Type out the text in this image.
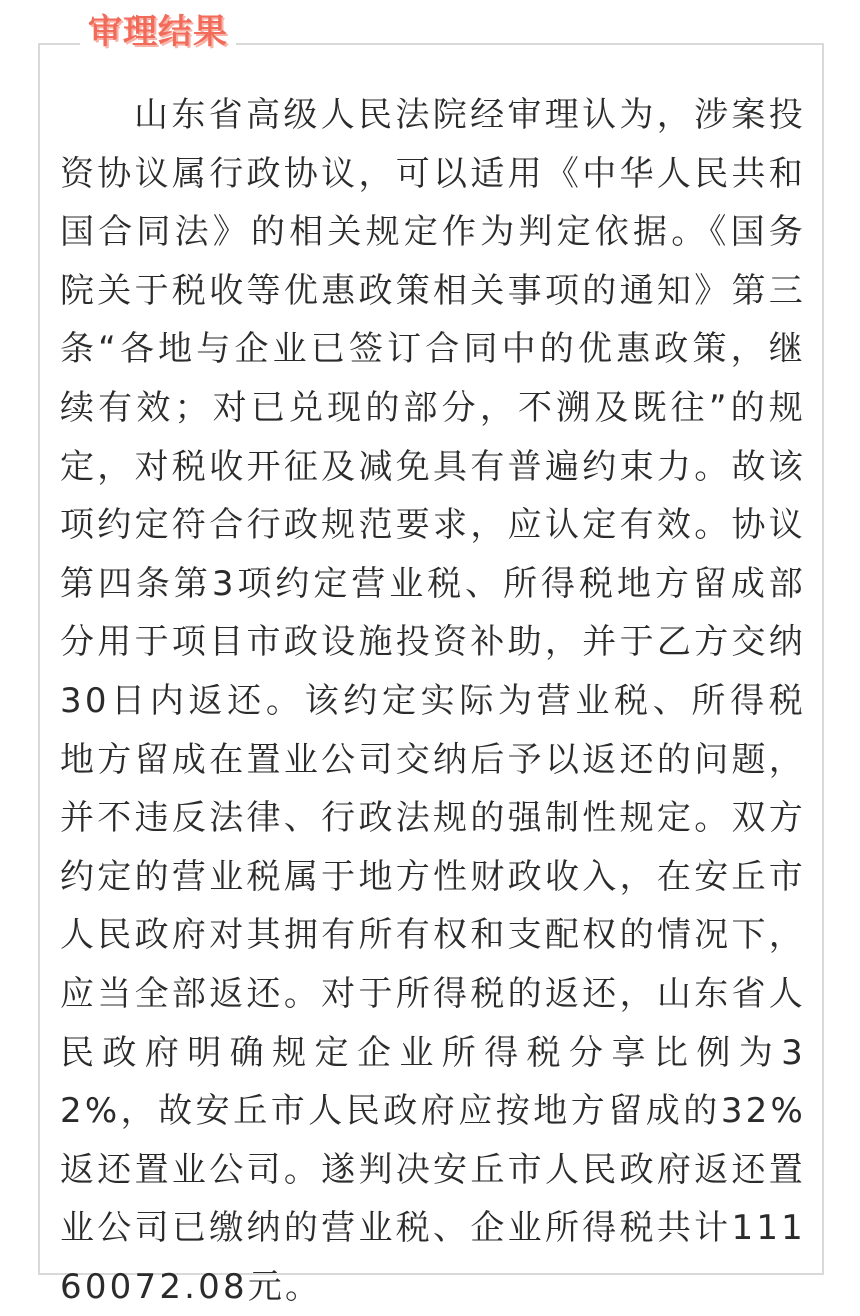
审理结果

山东省高级人民法院经审理认为，涉案投资协议属行政协议，可以适用《中华人民共和国合同法》的相关规定作为判定依据。《国务院关于税收等优惠政策相关事项的通知》第三条“各地与企业已签订合同中的优惠政策，继续有效；对已兑现的部分，不溯及既往”的规定，对税收开征及减免具有普遍约束力。故该项约定符合行政规范要求，应认定有效。协议第四条第3项约定营业税、所得税地方留成部分用于项目市政设施投资补助，并于乙方交纳30日内返还。该约定实际为营业税、所得税地方留成在置业公司交纳后予以返还的问题，并不违反法律、行政法规的强制性规定。双方约定的营业税属于地方性财政收入，在安丘市人民政府对其拥有所有权和支配权的情况下，应当全部返还。对于所得税的返还，山东省人民政府明确规定企业所得税分享比例为32%，故安丘市人民政府应按地方留成的32%返还置业公司。遂判决安丘市人民政府返还置业公司已缴纳的营业税、企业所得税共计11160072.08元。
